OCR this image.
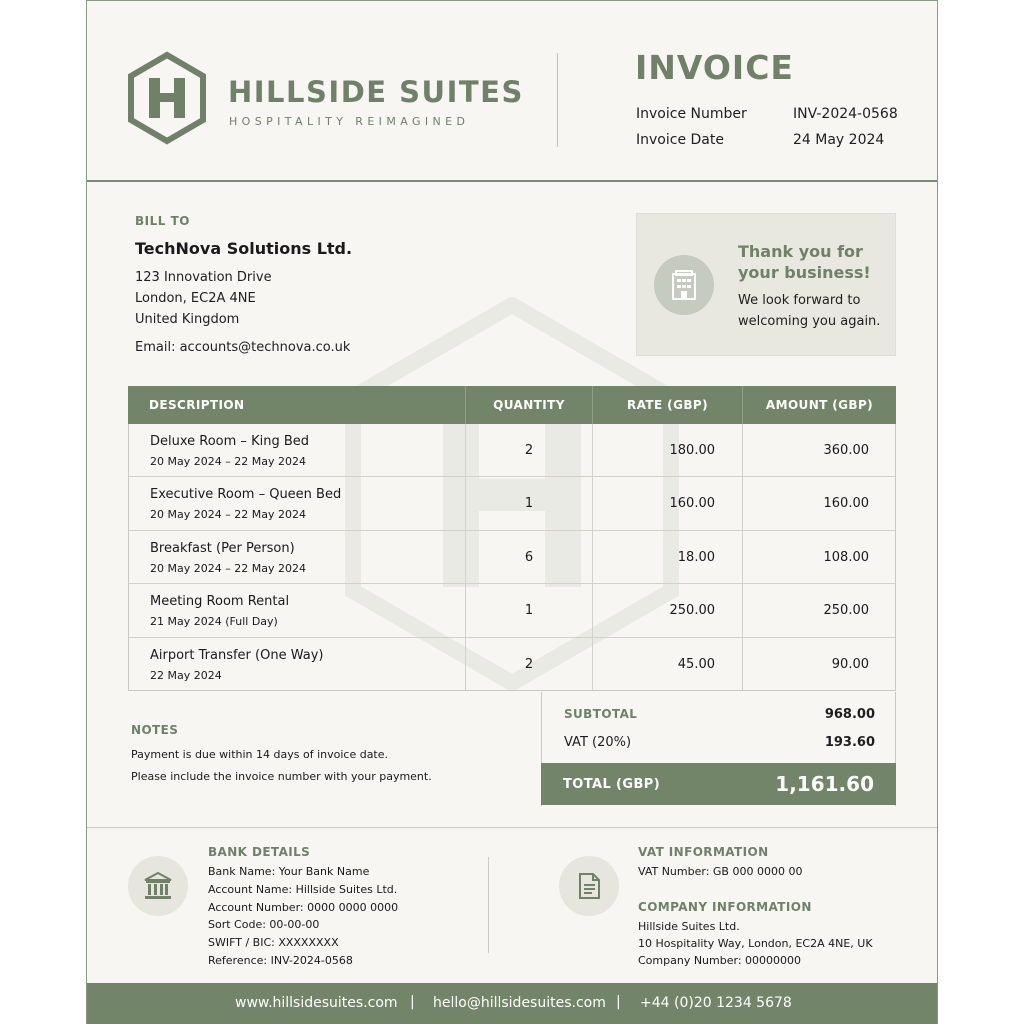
HILLSIDE SUITES
HOSPITALITY REIMAGINED
INVOICE
Invoice Number	INV-2024-0568
Invoice Date	24 May 2024
BILL TO
TechNova Solutions Ltd.
123 Innovation Drive
London, EC2A 4NE
United Kingdom
Email: accounts@technova.co.uk
Thank you for your business!
We look forward to welcoming you again.
DESCRIPTION	QUANTITY	RATE (GBP)	AMOUNT (GBP)
Deluxe Room – King Bed
20 May 2024 – 22 May 2024
2	180.00	360.00
Executive Room – Queen Bed
20 May 2024 – 22 May 2024
1	160.00	160.00
Breakfast (Per Person)
20 May 2024 – 22 May 2024
6	18.00	108.00
Meeting Room Rental
21 May 2024 (Full Day)
1	250.00	250.00
Airport Transfer (One Way)
22 May 2024
2	45.00	90.00
NOTES
Payment is due within 14 days of invoice date.
Please include the invoice number with your payment.
SUBTOTAL	968.00
VAT (20%)	193.60
TOTAL (GBP)	1,161.60
BANK DETAILS
Bank Name: Your Bank Name
Account Name: Hillside Suites Ltd.
Account Number: 0000 0000 0000
Sort Code: 00-00-00
SWIFT / BIC: XXXXXXXX
Reference: INV-2024-0568
VAT INFORMATION
VAT Number: GB 000 0000 00
COMPANY INFORMATION
Hillside Suites Ltd.
10 Hospitality Way, London, EC2A 4NE, UK
Company Number: 00000000
www.hillsidesuites.com | hello@hillsidesuites.com | +44 (0)20 1234 5678
